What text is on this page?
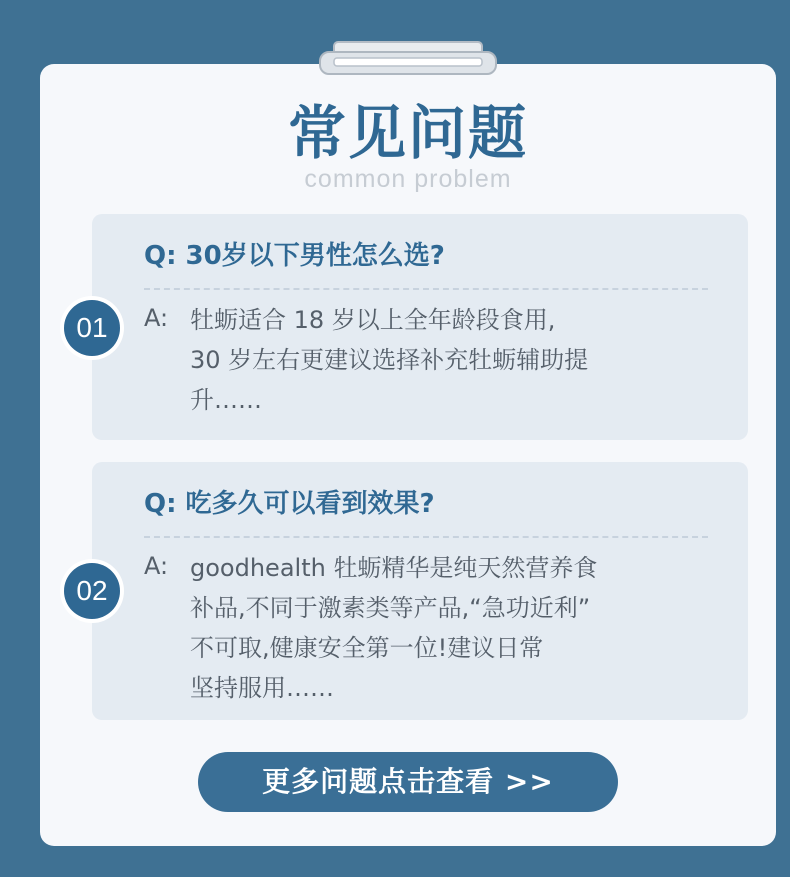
常见问题
common problem
Q: 30岁以下男性怎么选?
A: 牡蛎适合 18 岁以上全年龄段食用,
30 岁左右更建议选择补充牡蛎辅助提
升……
Q: 吃多久可以看到效果?
A: goodhealth 牡蛎精华是纯天然营养食
补品,不同于激素类等产品,“急功近利”
不可取,健康安全第一位!建议日常
坚持服用……
01
02
更多问题点击查看 >>
